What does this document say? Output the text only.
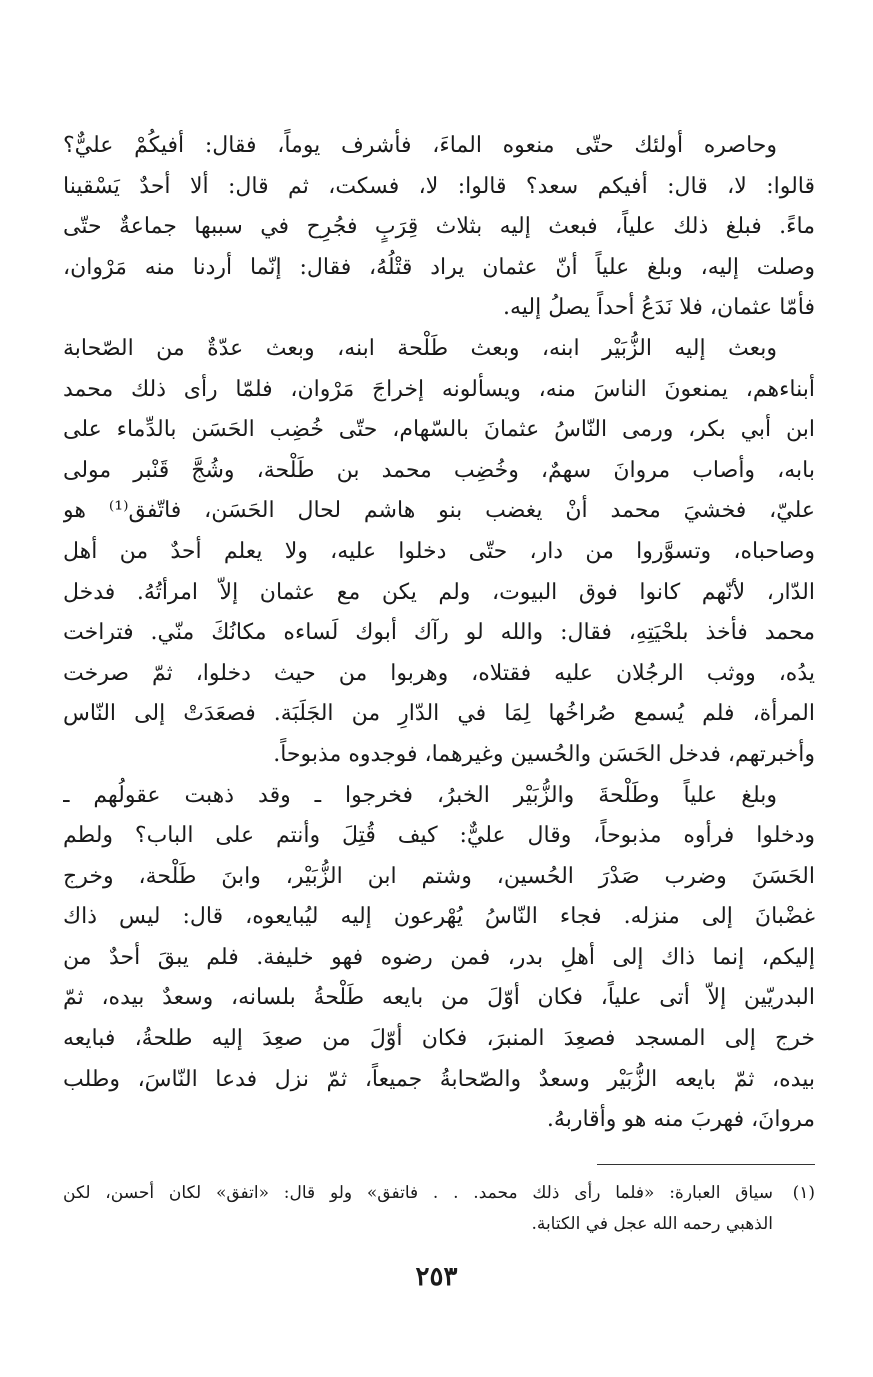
وحاصره أولئك حتّى منعوه الماءَ، فأشرف يوماً، فقال: أفيكُمْ عليٌّ؟
قالوا: لا، قال: أفيكم سعد؟ قالوا: لا، فسكت، ثم قال: ألا أحدٌ يَسْقينا
ماءً. فبلغ ذلك علياً، فبعث إليه بثلاث قِرَبٍ فجُرِح في سببها جماعةٌ حتّى
وصلت إليه، وبلغ علياً أنّ عثمان يراد قتْلُهُ، فقال: إنّما أردنا منه مَرْوان،
فأمّا عثمان، فلا نَدَعُ أحداً يصلُ إليه.
وبعث إليه الزُّبَيْر ابنه، وبعث طَلْحة ابنه، وبعث عدّةٌ من الصّحابة
أبناءهم، يمنعونَ الناسَ منه، ويسألونه إخراجَ مَرْوان، فلمّا رأى ذلك محمد
ابن أبي بكر، ورمى النّاسُ عثمانَ بالسّهام، حتّى خُضِب الحَسَن بالدِّماء على
بابه، وأصاب مروانَ سهمٌ، وخُضِب محمد بن طَلْحة، وشُجَّ قَنْبر مولى
عليّ، فخشيَ محمد أنْ يغضب بنو هاشم لحال الحَسَن، فاتّفق⁽¹⁾ هو
وصاحباه، وتسوَّروا من دار، حتّى دخلوا عليه، ولا يعلم أحدٌ من أهل
الدّار، لأنّهم كانوا فوق البيوت، ولم يكن مع عثمان إلاّ امرأتُهُ. فدخل
محمد فأخذ بلحْيَتِهِ، فقال: والله لو رآك أبوك لَساءه مكانُكَ منّي. فتراخت
يدُه، ووثب الرجُلان عليه فقتلاه، وهربوا من حيث دخلوا، ثمّ صرخت
المرأة، فلم يُسمع صُراخُها لِمَا في الدّارِ من الجَلَبَة. فصعَدَتْ إلى النّاس
وأخبرتهم، فدخل الحَسَن والحُسين وغيرهما، فوجدوه مذبوحاً.
وبلغ علياً وطَلْحةَ والزُّبَيْر الخبرُ، فخرجوا ـ وقد ذهبت عقولُهم ـ
ودخلوا فرأوه مذبوحاً، وقال عليٌّ: كيف قُتِلَ وأنتم على الباب؟ ولطم
الحَسَنَ وضرب صَدْرَ الحُسين، وشتم ابن الزُّبَيْر، وابنَ طَلْحة، وخرج
غضْبانَ إلى منزله. فجاء النّاسُ يُهْرعون إليه ليُبايعوه، قال: ليس ذاك
إليكم، إنما ذاك إلى أهلِ بدر، فمن رضوه فهو خليفة. فلم يبقَ أحدٌ من
البدريّين إلاّ أتى علياً، فكان أوّلَ من بايعه طَلْحةُ بلسانه، وسعدٌ بيده، ثمّ
خرج إلى المسجد فصعِدَ المنبرَ، فكان أوّلَ من صعِدَ إليه طلحةُ، فبايعه
بيده، ثمّ بايعه الزُّبَيْر وسعدٌ والصّحابةُ جميعاً، ثمّ نزل فدعا النّاسَ، وطلب
مروانَ، فهربَ منه هو وأقاربهُ.
(١)سياق العبارة: «فلما رأى ذلك محمد. . . فاتفق» ولو قال: «اتفق» لكان أحسن، لكن
الذهبي رحمه الله عجل في الكتابة.
٢٥٣
